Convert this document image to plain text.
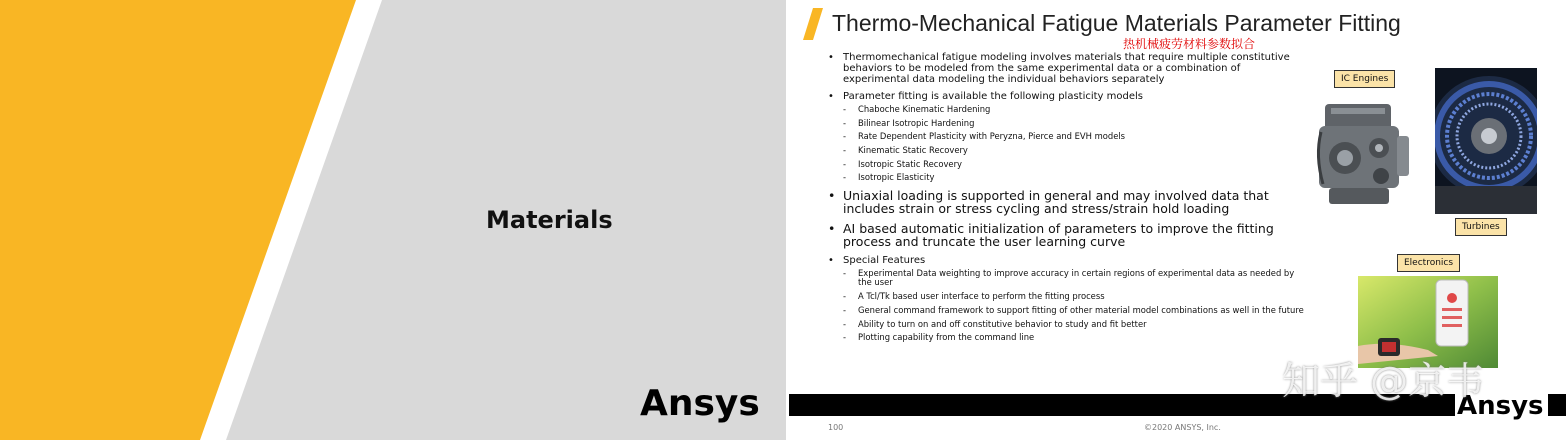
Materials
Ansys
Thermo-Mechanical Fatigue Materials Parameter Fitting
热机械疲劳材料参数拟合
• Thermomechanical fatigue modeling involves materials that require multiple constitutive behaviors to be modeled from the same experimental data or a combination of experimental data modeling the individual behaviors separately
• Parameter fitting is available the following plasticity models
- Chaboche Kinematic Hardening
- Bilinear Isotropic Hardening
- Rate Dependent Plasticity with Peryzna, Pierce and EVH models
- Kinematic Static Recovery
- Isotropic Static Recovery
- Isotropic Elasticity
• Uniaxial loading is supported in general and may involved data that includes strain or stress cycling and stress/strain hold loading
• AI based automatic initialization of parameters to improve the fitting process and truncate the user learning curve
• Special Features
- Experimental Data weighting to improve accuracy in certain regions of experimental data as needed by the user
- A Tcl/Tk based user interface to perform the fitting process
- General command framework to support fitting of other material model combinations as well in the future
- Ability to turn on and off constitutive behavior to study and fit better
- Plotting capability from the command line
IC Engines
Turbines
Electronics
Ansys
100	©2020 ANSYS, Inc.
知乎 @京韦
